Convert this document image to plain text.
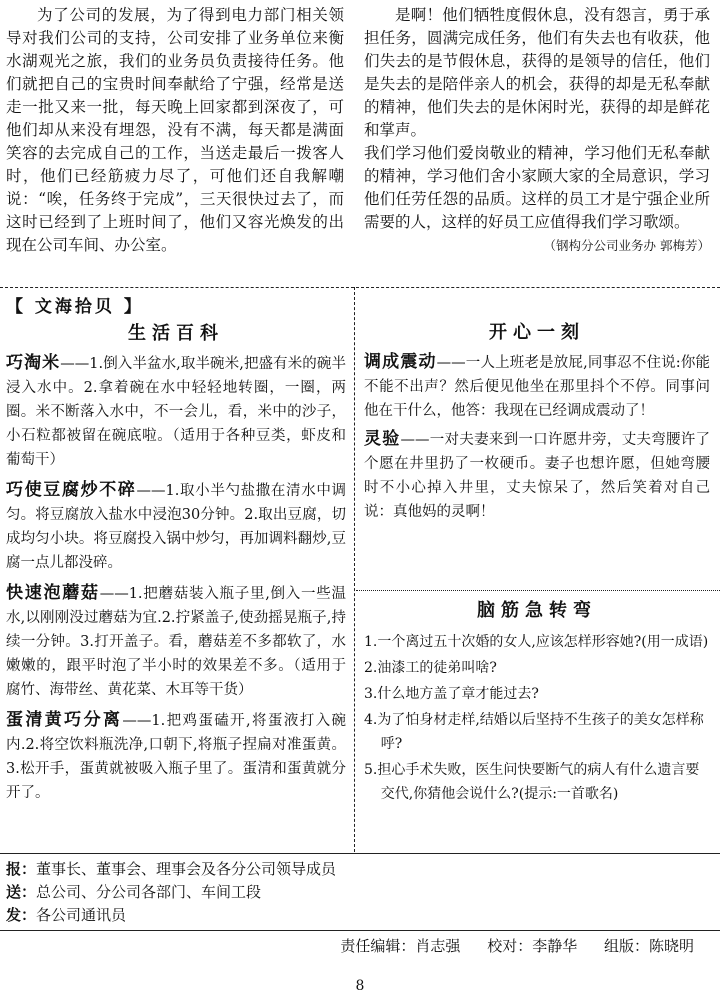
为了公司的发展，为了得到电力部门相关领导对我们公司的支持，公司安排了业务单位来衡水湖观光之旅，我们的业务员负责接待任务。他们就把自己的宝贵时间奉献给了宁强，经常是送走一批又来一批，每天晚上回家都到深夜了，可他们却从来没有埋怨，没有不满，每天都是满面笑容的去完成自己的工作，当送走最后一拨客人时，他们已经筋疲力尽了，可他们还自我解嘲说：“唉，任务终于完成”，三天很快过去了，而这时已经到了上班时间了，他们又容光焕发的出现在公司车间、办公室。

是啊！他们牺牲度假休息，没有怨言，勇于承担任务，圆满完成任务，他们有失去也有收获，他们失去的是节假休息，获得的是领导的信任，他们是失去的是陪伴亲人的机会，获得的却是无私奉献的精神，他们失去的是休闲时光，获得的却是鲜花和掌声。

我们学习他们爱岗敬业的精神，学习他们无私奉献的精神，学习他们舍小家顾大家的全局意识，学习他们任劳任怨的品质。这样的员工才是宁强企业所需要的人，这样的好员工应值得我们学习歌颂。

（钢构分公司业务办 郭梅芳）
【 文海拾贝 】
生活百科

巧淘米——1.倒入半盆水,取半碗米,把盛有米的碗半浸入水中。2.拿着碗在水中轻轻地转圈，一圈，两圈。米不断落入水中，不一会儿，看，米中的沙子，小石粒都被留在碗底啦。（适用于各种豆类，虾皮和葡萄干）

巧使豆腐炒不碎——1.取小半勺盐撒在清水中调匀。将豆腐放入盐水中浸泡30分钟。2.取出豆腐，切成均匀小块。将豆腐投入锅中炒匀，再加调料翻炒,豆腐一点儿都没碎。

快速泡蘑菇——1.把蘑菇装入瓶子里,倒入一些温水,以刚刚没过蘑菇为宜.2.拧紧盖子,使劲摇晃瓶子,持续一分钟。3.打开盖子。看，蘑菇差不多都软了，水嫩嫩的，跟平时泡了半小时的效果差不多。（适用于腐竹、海带丝、黄花菜、木耳等干货）

蛋清黄巧分离——1.把鸡蛋磕开,将蛋液打入碗内.2.将空饮料瓶洗净,口朝下,将瓶子捏扁对准蛋黄。3.松开手，蛋黄就被吸入瓶子里了。蛋清和蛋黄就分开了。

开心一刻

调成震动——一人上班老是放屁,同事忍不住说:你能不能不出声？然后便见他坐在那里抖个不停。同事问他在干什么，他答：我现在已经调成震动了！

灵验——一对夫妻来到一口许愿井旁，丈夫弯腰许了个愿在井里扔了一枚硬币。妻子也想许愿，但她弯腰时不小心掉入井里，丈夫惊呆了，然后笑着对自己说：真他妈的灵啊！

脑筋急转弯
1.一个离过五十次婚的女人,应该怎样形容她?(用一成语)
2.油漆工的徒弟叫啥?
3.什么地方盖了章才能过去?
4.为了怕身材走样,结婚以后坚持不生孩子的美女怎样称呼?
5.担心手术失败，医生问快要断气的病人有什么遗言要交代,你猜他会说什么?(提示:一首歌名)
报：董事长、董事会、理事会及各分公司领导成员
送：总公司、分公司各部门、车间工段
发：各公司通讯员
责任编辑：肖志强 校对：李静华 组版：陈晓明
8
